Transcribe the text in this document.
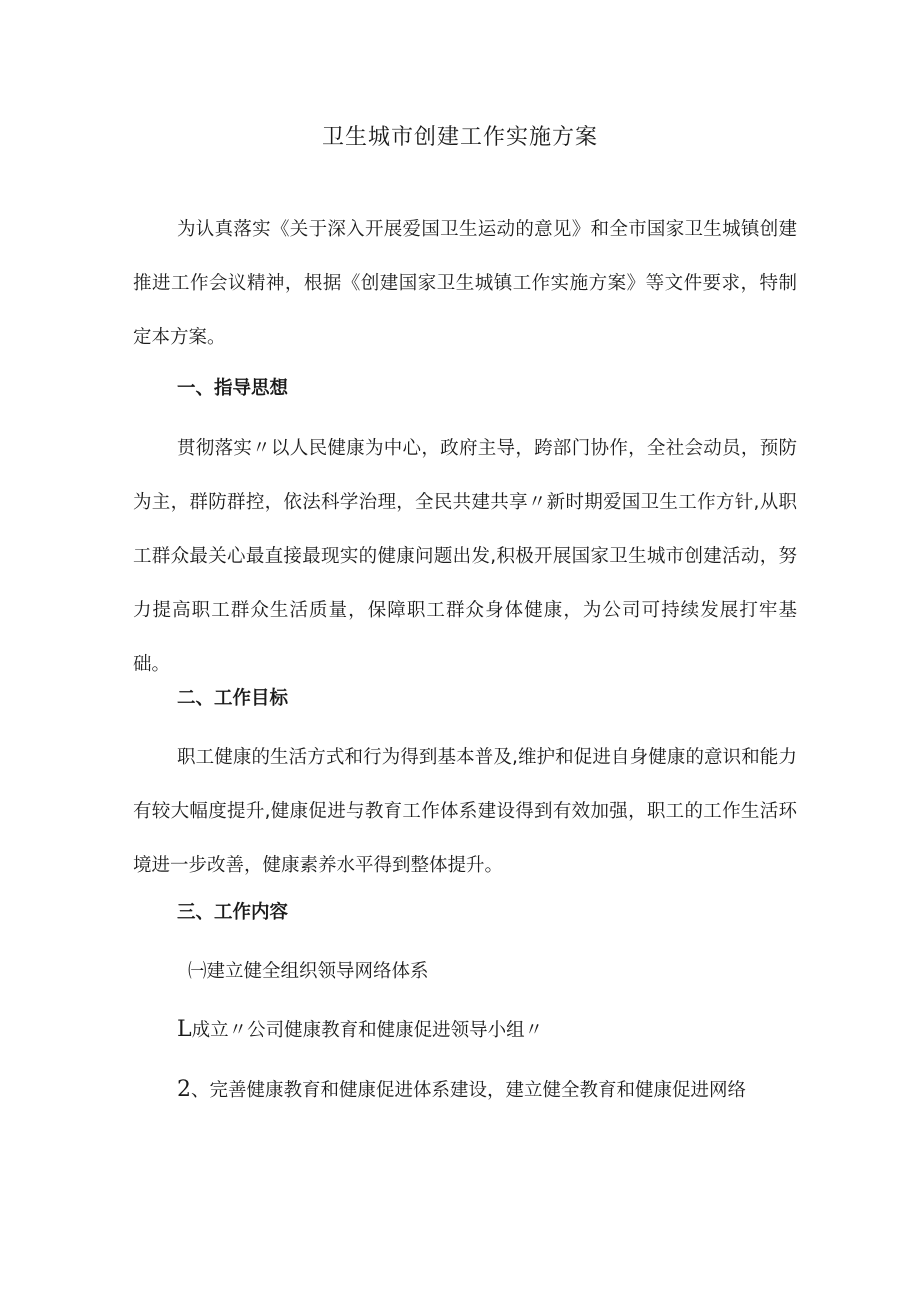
卫生城市创建工作实施方案

为认真落实《关于深入开展爱国卫生运动的意见》和全市国家卫生城镇创建推进工作会议精神，根据《创建国家卫生城镇工作实施方案》等文件要求，特制定本方案。

一、指导思想

贯彻落实〃以人民健康为中心，政府主导，跨部门协作，全社会动员，预防为主，群防群控，依法科学治理，全民共建共享〃新时期爱国卫生工作方针,从职工群众最关心最直接最现实的健康问题出发,积极开展国家卫生城市创建活动，努力提高职工群众生活质量，保障职工群众身体健康，为公司可持续发展打牢基础。

二、工作目标

职工健康的生活方式和行为得到基本普及,维护和促进自身健康的意识和能力有较大幅度提升,健康促进与教育工作体系建设得到有效加强，职工的工作生活环境进一步改善，健康素养水平得到整体提升。

三、工作内容

㈠建立健全组织领导网络体系

L成立〃公司健康教育和健康促进领导小组〃

2、完善健康教育和健康促进体系建设，建立健全教育和健康促进网络
